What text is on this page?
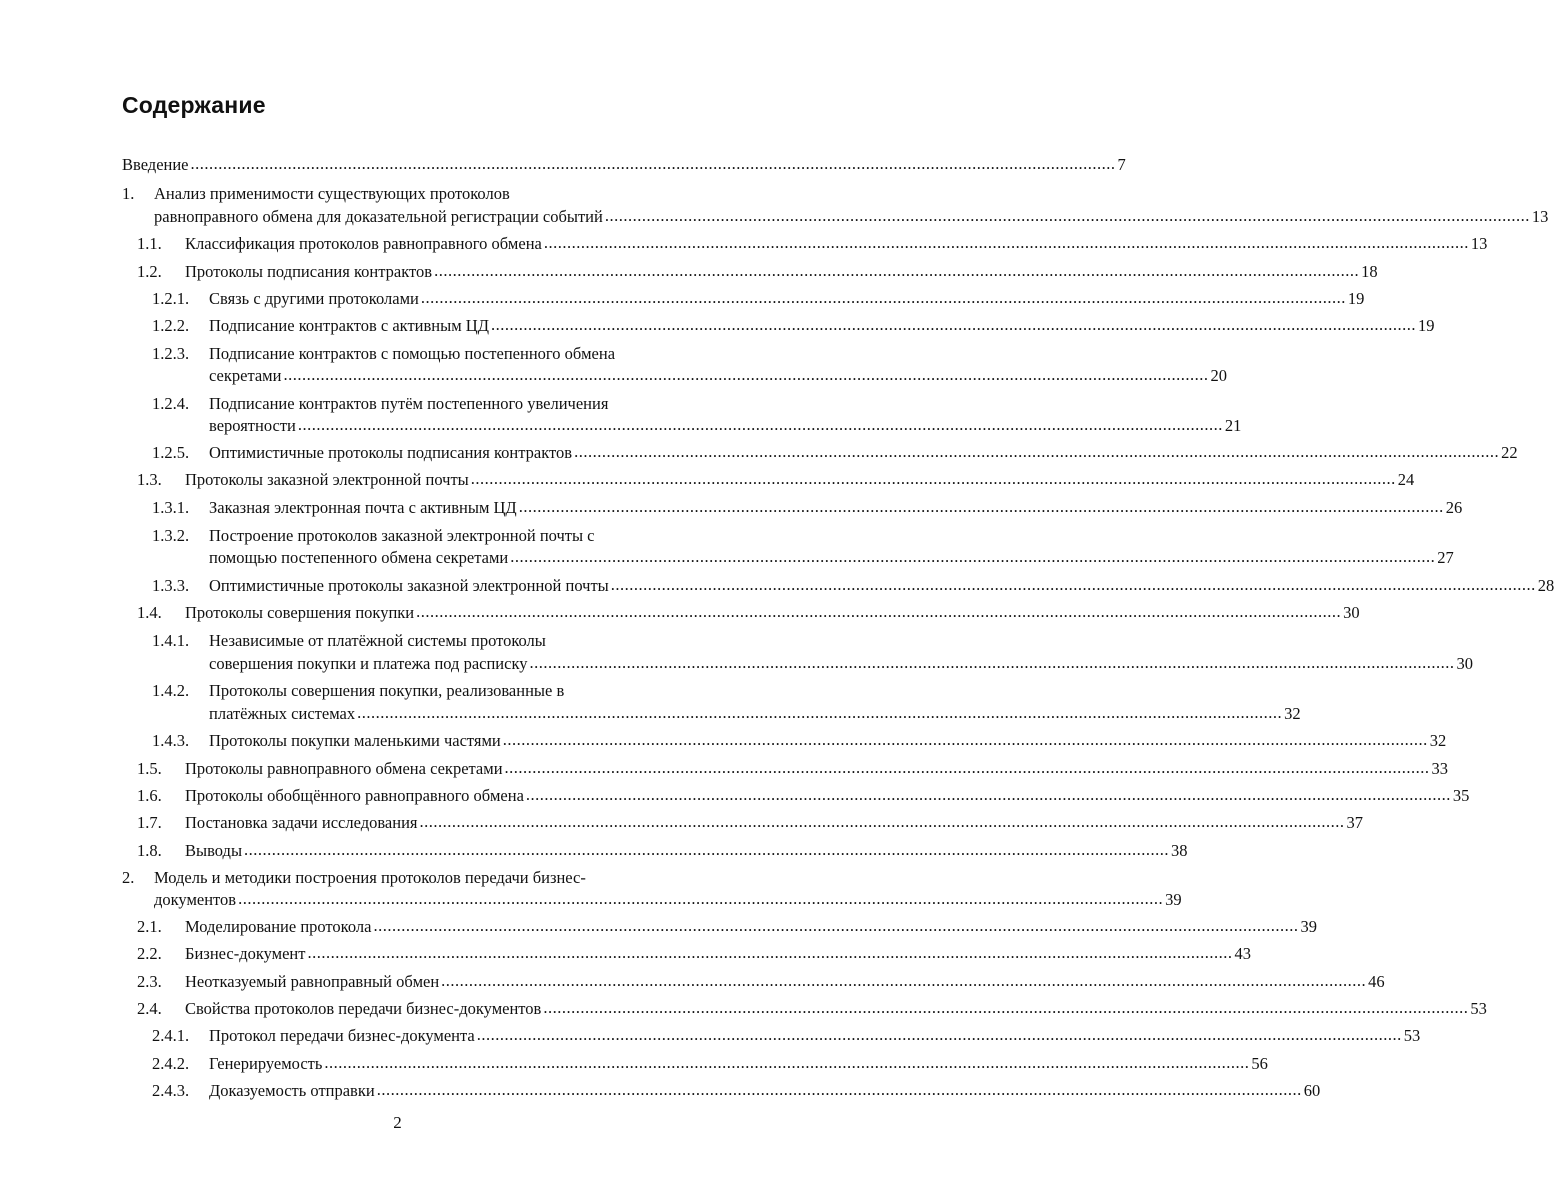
Содержание
Введение ........................................................................................................................................................................................................ 7
1. Анализ применимости существующих протоколов
равноправного обмена для доказательной регистрации событий ........................................................................................................................................................................................................ 13
1.1. Классификация протоколов равноправного обмена ........................................................................................................................................................................................................ 13
1.2. Протоколы подписания контрактов ........................................................................................................................................................................................................ 18
1.2.1. Связь с другими протоколами ........................................................................................................................................................................................................ 19
1.2.2. Подписание контрактов с активным ЦД ........................................................................................................................................................................................................ 19
1.2.3. Подписание контрактов с помощью постепенного обмена
секретами ........................................................................................................................................................................................................ 20
1.2.4. Подписание контрактов путём постепенного увеличения
вероятности ........................................................................................................................................................................................................ 21
1.2.5. Оптимистичные протоколы подписания контрактов ........................................................................................................................................................................................................ 22
1.3. Протоколы заказной электронной почты ........................................................................................................................................................................................................ 24
1.3.1. Заказная электронная почта с активным ЦД ........................................................................................................................................................................................................ 26
1.3.2. Построение протоколов заказной электронной почты с
помощью постепенного обмена секретами ........................................................................................................................................................................................................ 27
1.3.3. Оптимистичные протоколы заказной электронной почты ........................................................................................................................................................................................................ 28
1.4. Протоколы совершения покупки ........................................................................................................................................................................................................ 30
1.4.1. Независимые от платёжной системы протоколы
совершения покупки и платежа под расписку ........................................................................................................................................................................................................ 30
1.4.2. Протоколы совершения покупки, реализованные в
платёжных системах ........................................................................................................................................................................................................ 32
1.4.3. Протоколы покупки маленькими частями ........................................................................................................................................................................................................ 32
1.5. Протоколы равноправного обмена секретами ........................................................................................................................................................................................................ 33
1.6. Протоколы обобщённого равноправного обмена ........................................................................................................................................................................................................ 35
1.7. Постановка задачи исследования ........................................................................................................................................................................................................ 37
1.8. Выводы ........................................................................................................................................................................................................ 38
2. Модель и методики построения протоколов передачи бизнес-
документов ........................................................................................................................................................................................................ 39
2.1. Моделирование протокола ........................................................................................................................................................................................................ 39
2.2. Бизнес-документ ........................................................................................................................................................................................................ 43
2.3. Неотказуемый равноправный обмен ........................................................................................................................................................................................................ 46
2.4. Свойства протоколов передачи бизнес-документов ........................................................................................................................................................................................................ 53
2.4.1. Протокол передачи бизнес-документа ........................................................................................................................................................................................................ 53
2.4.2. Генерируемость ........................................................................................................................................................................................................ 56
2.4.3. Доказуемость отправки ........................................................................................................................................................................................................ 60
2
